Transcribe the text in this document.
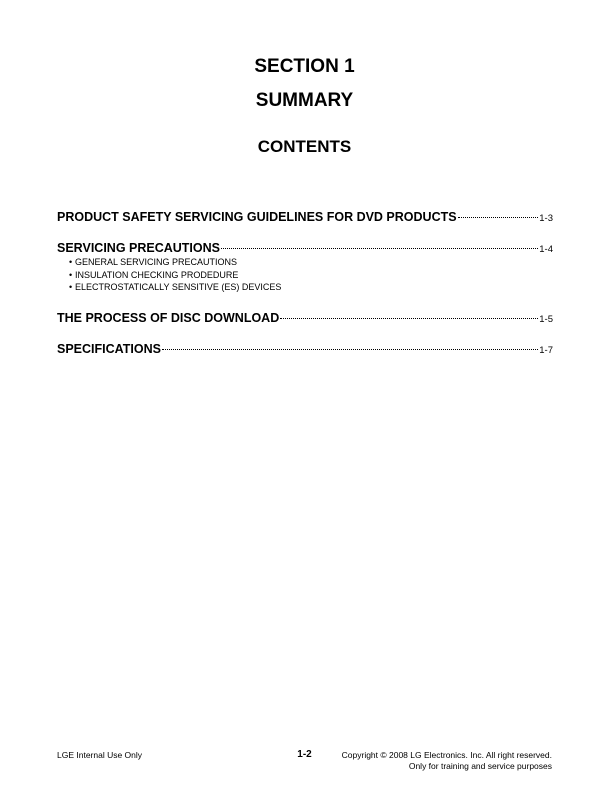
SECTION 1
SUMMARY
CONTENTS
PRODUCT SAFETY SERVICING GUIDELINES FOR DVD PRODUCTS	1-3
SERVICING PRECAUTIONS	1-4
• GENERAL SERVICING PRECAUTIONS
• INSULATION CHECKING PRODEDURE
• ELECTROSTATICALLY SENSITIVE (ES) DEVICES
THE PROCESS OF DISC DOWNLOAD	1-5
SPECIFICATIONS	1-7
LGE Internal Use Only	1-2	Copyright © 2008 LG Electronics. Inc. All right reserved.
Only for training and service purposes
